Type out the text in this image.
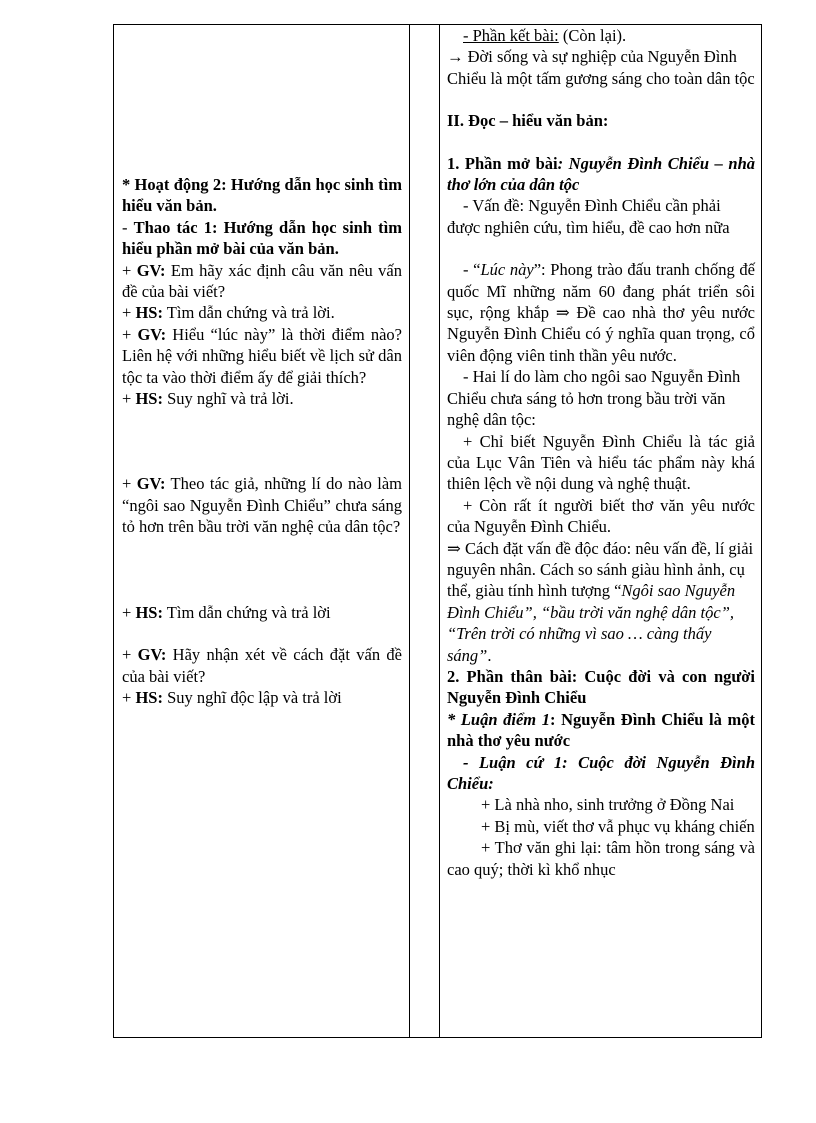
* Hoạt động 2: Hướng dẫn học sinh tìm hiểu văn bản.

- Thao tác 1: Hướng dẫn học sinh tìm hiểu phần mở bài của văn bản.

+ GV: Em hãy xác định câu văn nêu vấn đề của bài viết?

+ HS: Tìm dẫn chứng và trả lời.

+ GV: Hiểu “lúc này” là thời điểm nào? Liên hệ với những hiểu biết về lịch sử dân tộc ta vào thời điểm ấy để giải thích?

+ HS: Suy nghĩ và trả lời.

+ GV: Theo tác giả, những lí do nào làm “ngôi sao Nguyễn Đình Chiểu” chưa sáng tỏ hơn trên bầu trời văn nghệ của dân tộc?

+ HS: Tìm dẫn chứng và trả lời

+ GV: Hãy nhận xét về cách đặt vấn đề của bài viết?

+ HS: Suy nghĩ độc lập và trả lời

- Phần kết bài: (Còn lại).

→ Đời sống và sự nghiệp của Nguyễn Đình Chiểu là một tấm gương sáng cho toàn dân tộc

II. Đọc – hiểu văn bản:

1. Phần mở bài: Nguyễn Đình Chiểu – nhà thơ lớn của dân tộc

- Vấn đề: Nguyễn Đình Chiểu cần phải được nghiên cứu, tìm hiểu, đề cao hơn nữa

- “Lúc này”: Phong trào đấu tranh chống đế quốc Mĩ những năm 60 đang phát triển sôi sục, rộng khắp ⇒ Đề cao nhà thơ yêu nước Nguyễn Đình Chiểu có ý nghĩa quan trọng, cổ viên động viên tinh thần yêu nước.

- Hai lí do làm cho ngôi sao Nguyễn Đình Chiểu chưa sáng tỏ hơn trong bầu trời văn nghệ dân tộc:

+ Chỉ biết Nguyễn Đình Chiểu là tác giả của Lục Vân Tiên và hiểu tác phẩm này khá thiên lệch về nội dung và nghệ thuật.

+ Còn rất ít người biết thơ văn yêu nước của Nguyễn Đình Chiểu.

⇒ Cách đặt vấn đề độc đáo: nêu vấn đề, lí giải nguyên nhân. Cách so sánh giàu hình ảnh, cụ thể, giàu tính hình tượng “Ngôi sao Nguyễn Đình Chiểu”, “bầu trời văn nghệ dân tộc”, “Trên trời có những vì sao … càng thấy sáng”.

2. Phần thân bài: Cuộc đời và con người Nguyễn Đình Chiểu

* Luận điểm 1: Nguyễn Đình Chiểu là một nhà thơ yêu nước

- Luận cứ 1: Cuộc đời Nguyễn Đình Chiểu:

+ Là nhà nho, sinh trưởng ở Đồng Nai

+ Bị mù, viết thơ vẫ phục vụ kháng chiến

+ Thơ văn ghi lại: tâm hồn trong sáng và cao quý; thời kì khổ nhục
